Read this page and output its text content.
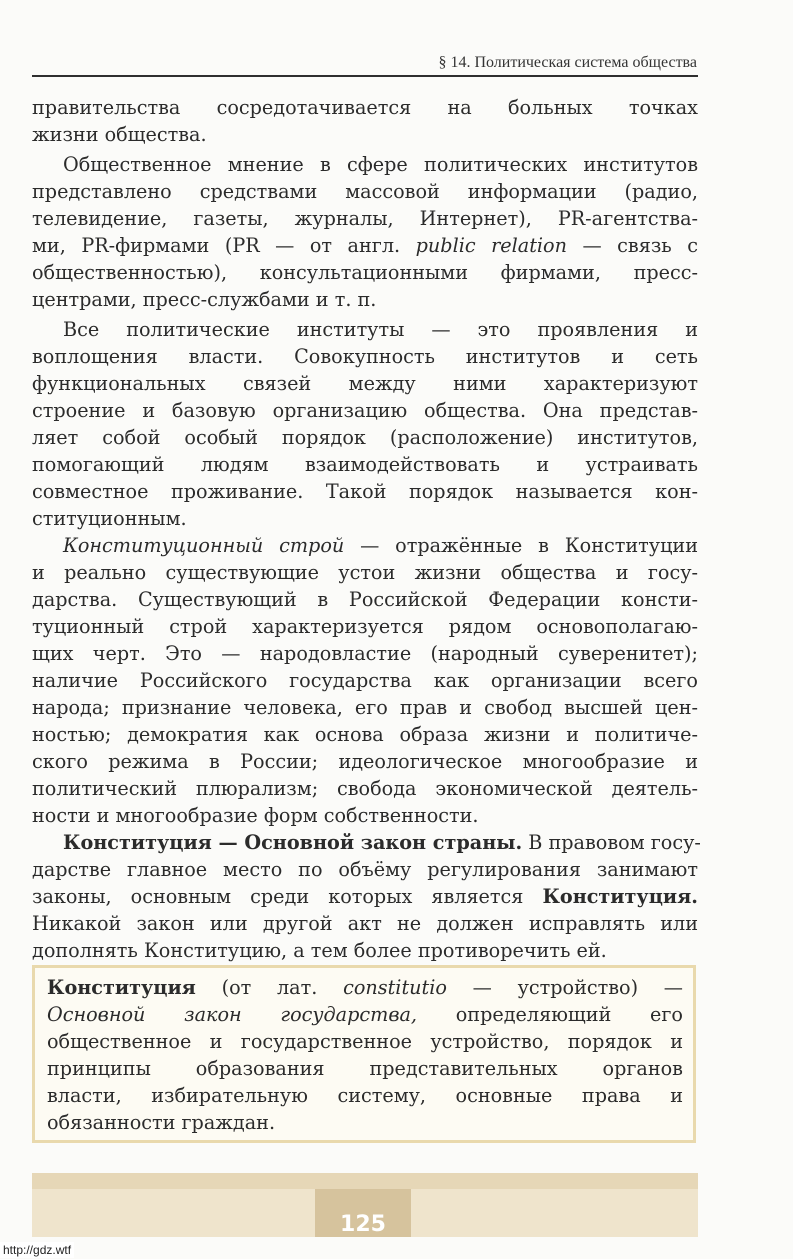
§ 14. Политическая система общества
правительства сосредотачивается на больных точках
жизни общества.
Общественное мнение в сфере политических институтов
представлено средствами массовой информации (радио,
телевидение, газеты, журналы, Интернет), PR-агентства-
ми, PR-фирмами (PR — от англ. public relation — связь с
общественностью), консультационными фирмами, пресс-
центрами, пресс-службами и т. п.
Все политические институты — это проявления и
воплощения власти. Совокупность институтов и сеть
функциональных связей между ними характеризуют
строение и базовую организацию общества. Она представ-
ляет собой особый порядок (расположение) институтов,
помогающий людям взаимодействовать и устраивать
совместное проживание. Такой порядок называется кон-
ституционным.
Конституционный строй — отражённые в Конституции
и реально существующие устои жизни общества и госу-
дарства. Существующий в Российской Федерации консти-
туционный строй характеризуется рядом основополагаю-
щих черт. Это — народовластие (народный суверенитет);
наличие Российского государства как организации всего
народа; признание человека, его прав и свобод высшей цен-
ностью; демократия как основа образа жизни и политиче-
ского режима в России; идеологическое многообразие и
политический плюрализм; свобода экономической деятель-
ности и многообразие форм собственности.
Конституция — Основной закон страны. В правовом госу-
дарстве главное место по объёму регулирования занимают
законы, основным среди которых является Конституция.
Никакой закон или другой акт не должен исправлять или
дополнять Конституцию, а тем более противоречить ей.
Конституция (от лат. constitutio — устройство) —
Основной закон государства, определяющий его
общественное и государственное устройство, порядок и
принципы образования представительных органов
власти, избирательную систему, основные права и
обязанности граждан.
125
http://gdz.wtf
